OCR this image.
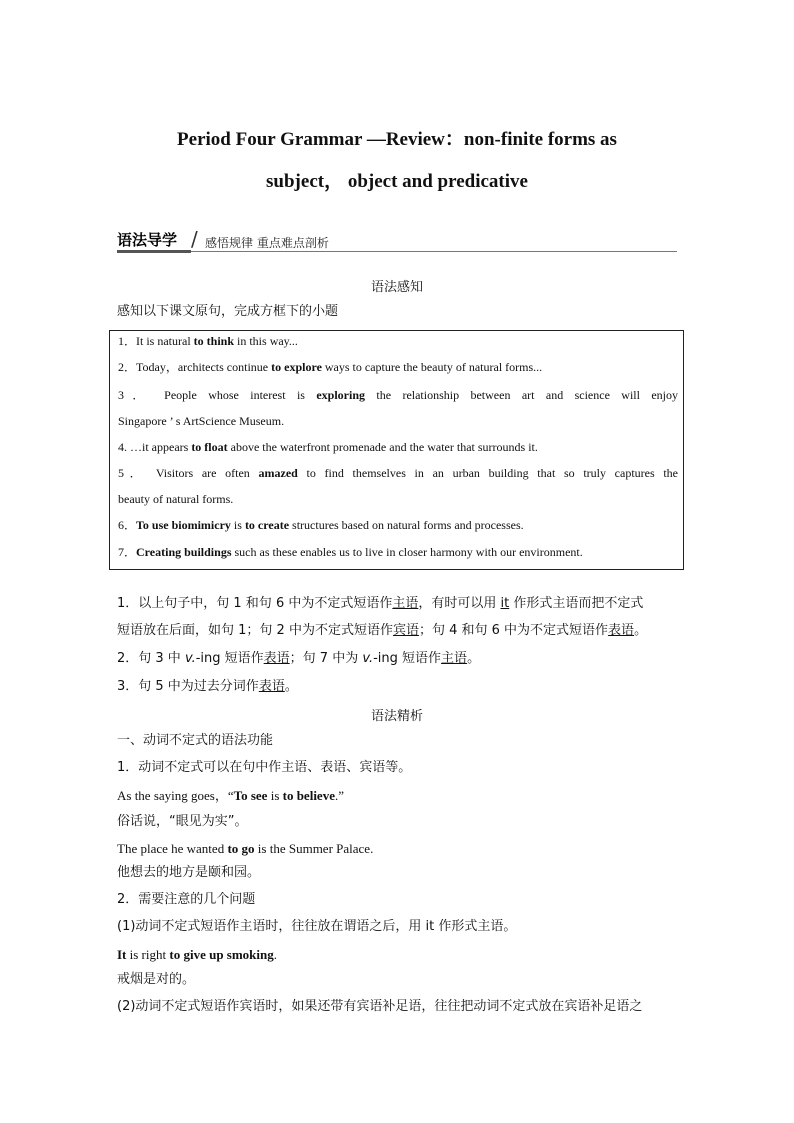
Period Four Grammar —Review：non-finite forms as
subject， object and predicative
语法导学 / 感悟规律 重点难点剖析
语法感知
感知以下课文原句，完成方框下的小题
1．It is natural to think in this way...
2．Today，architects continue to explore ways to capture the beauty of natural forms...
3． People whose interest is exploring the relationship between art and science will enjoy
Singapore ’ s ArtScience Museum.
4. …it appears to float above the waterfront promenade and the water that surrounds it.
5． Visitors are often amazed to find themselves in an urban building that so truly captures the
beauty of natural forms.
6．To use biomimicry is to create structures based on natural forms and processes.
7．Creating buildings such as these enables us to live in closer harmony with our environment.
1．以上句子中，句 1 和句 6 中为不定式短语作主语，有时可以用 it 作形式主语而把不定式
短语放在后面，如句 1；句 2 中为不定式短语作宾语；句 4 和句 6 中为不定式短语作表语。
2．句 3 中 v.-ing 短语作表语；句 7 中为 v.-ing 短语作主语。
3．句 5 中为过去分词作表语。
语法精析
一、动词不定式的语法功能
1．动词不定式可以在句中作主语、表语、宾语等。
As the saying goes，“To see is to believe.”
俗话说，“眼见为实”。
The place he wanted to go is the Summer Palace.
他想去的地方是颐和园。
2．需要注意的几个问题
(1)动词不定式短语作主语时，往往放在谓语之后，用 it 作形式主语。
It is right to give up smoking.
戒烟是对的。
(2)动词不定式短语作宾语时，如果还带有宾语补足语，往往把动词不定式放在宾语补足语之
